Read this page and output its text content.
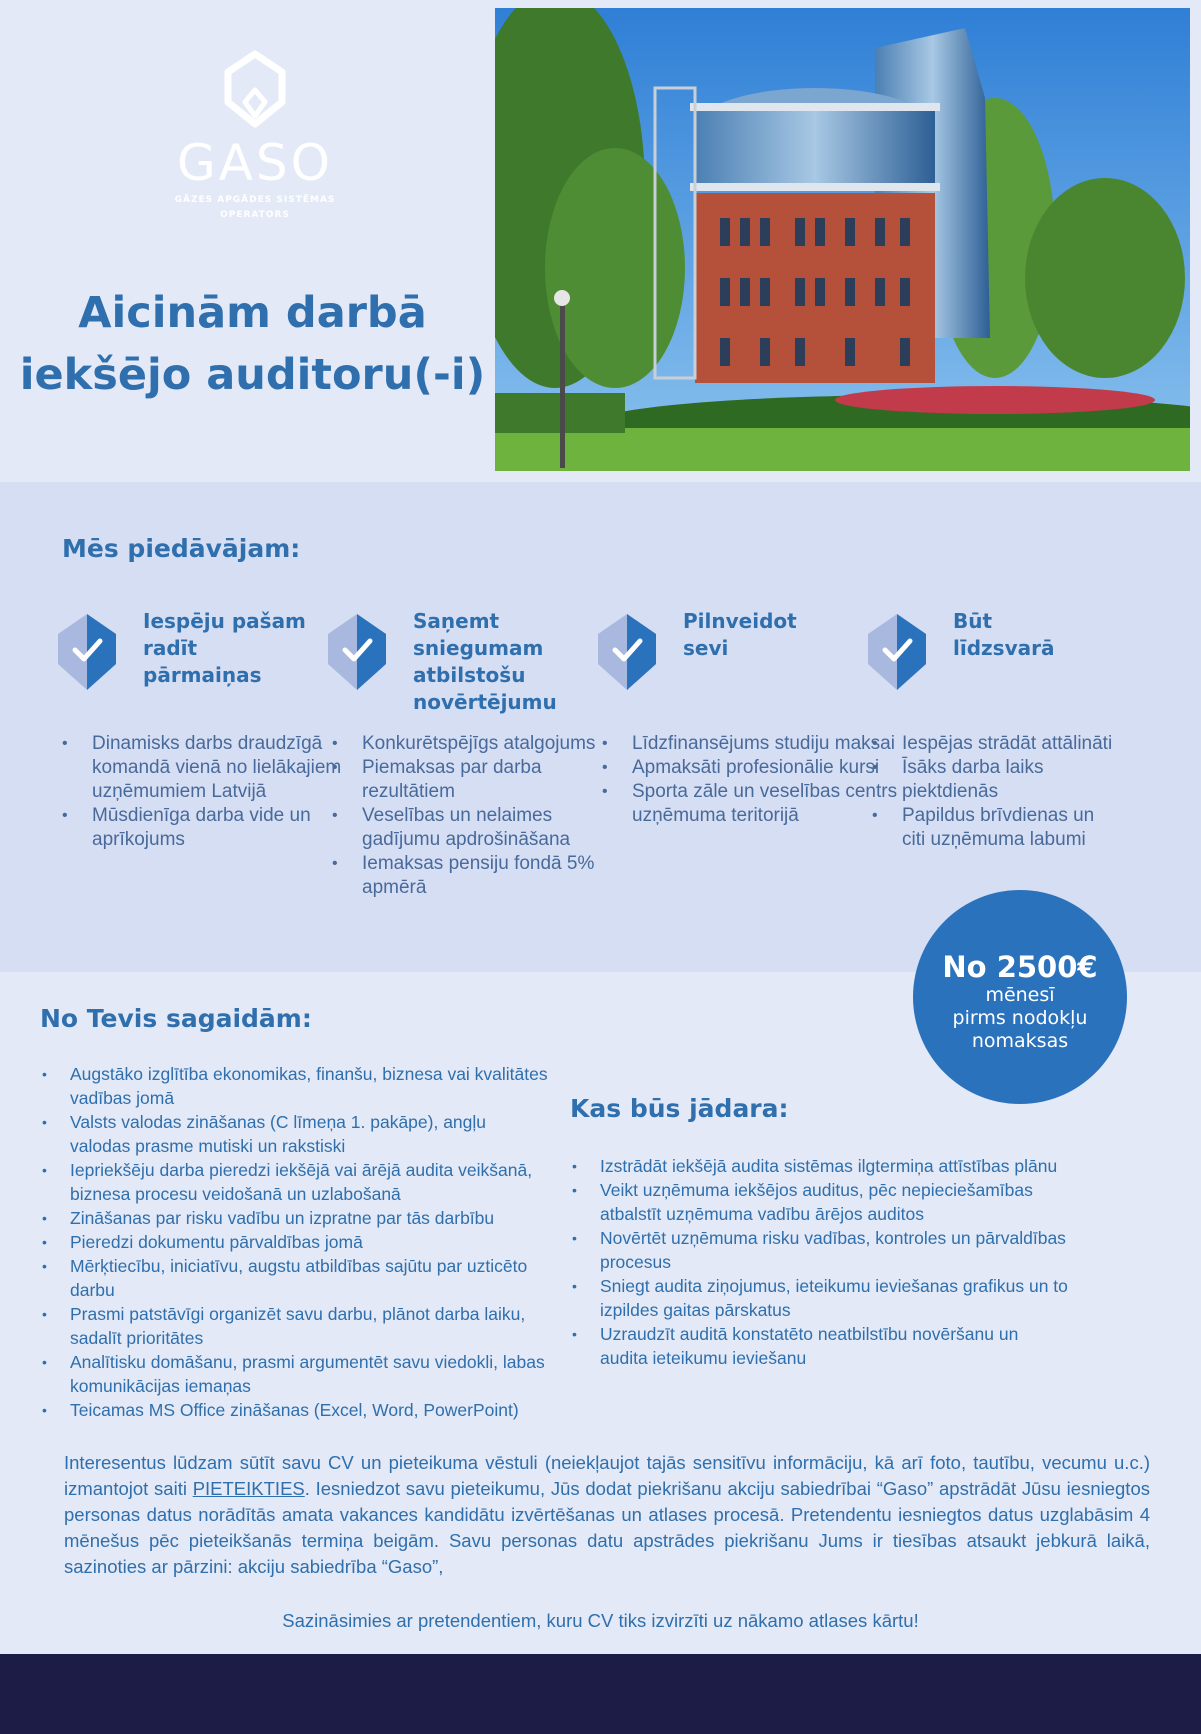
GASO
GĀZES APGĀDES SISTĒMAS
OPERATORS
Aicinām darbā
iekšējo auditoru(-i)
Mēs piedāvājam:
Iespēju pašam
radīt
pārmaiņas
• Dinamisks darbs draudzīgā komandā vienā no lielākajiem uzņēmumiem Latvijā
• Mūsdienīga darba vide un aprīkojums
Saņemt
sniegumam
atbilstošu
novērtējumu
• Konkurētspējīgs atalgojums
• Piemaksas par darba rezultātiem
• Veselības un nelaimes gadījumu apdrošināšana
• Iemaksas pensiju fondā 5% apmērā
Pilnveidot
sevi
• Līdzfinansējums studiju maksai
• Apmaksāti profesionālie kursi
• Sporta zāle un veselības centrs uzņēmuma teritorijā
Būt
līdzsvarā
• Iespējas strādāt attālināti
• Īsāks darba laiks piektdienās
• Papildus brīvdienas un citi uzņēmuma labumi
No 2500€
mēnesī
pirms nodokļu
nomaksas
No Tevis sagaidām:
• Augstāko izglītība ekonomikas, finanšu, biznesa vai kvalitātes vadības jomā
• Valsts valodas zināšanas (C līmeņa 1. pakāpe), angļu valodas prasme mutiski un rakstiski
• Iepriekšēju darba pieredzi iekšējā vai ārējā audita veikšanā, biznesa procesu veidošanā un uzlabošanā
• Zināšanas par risku vadību un izpratne par tās darbību
• Pieredzi dokumentu pārvaldības jomā
• Mērķtiecību, iniciatīvu, augstu atbildības sajūtu par uzticēto darbu
• Prasmi patstāvīgi organizēt savu darbu, plānot darba laiku, sadalīt prioritātes
• Analītisku domāšanu, prasmi argumentēt savu viedokli, labas komunikācijas iemaņas
• Teicamas MS Office zināšanas (Excel, Word, PowerPoint)
Kas būs jādara:
• Izstrādāt iekšējā audita sistēmas ilgtermiņa attīstības plānu
• Veikt uzņēmuma iekšējos auditus, pēc nepieciešamības atbalstīt uzņēmuma vadību ārējos auditos
• Novērtēt uzņēmuma risku vadības, kontroles un pārvaldības procesus
• Sniegt audita ziņojumus, ieteikumu ieviešanas grafikus un to izpildes gaitas pārskatus
• Uzraudzīt auditā konstatēto neatbilstību novēršanu un audita ieteikumu ieviešanu

Interesentus lūdzam sūtīt savu CV un pieteikuma vēstuli (neiekļaujot tajās sensitīvu informāciju, kā arī foto, tautību, vecumu u.c.) izmantojot saiti PIETEIKTIES. Iesniedzot savu pieteikumu, Jūs dodat piekrišanu akciju sabiedrībai “Gaso” apstrādāt Jūsu iesniegtos personas datus norādītās amata vakances kandidātu izvērtēšanas un atlases procesā. Pretendentu iesniegtos datus uzglabāsim 4 mēnešus pēc pieteikšanās termiņa beigām. Savu personas datu apstrādes piekrišanu Jums ir tiesības atsaukt jebkurā laikā, sazinoties ar pārzini: akciju sabiedrība “Gaso”,

Sazināsimies ar pretendentiem, kuru CV tiks izvirzīti uz nākamo atlases kārtu!
